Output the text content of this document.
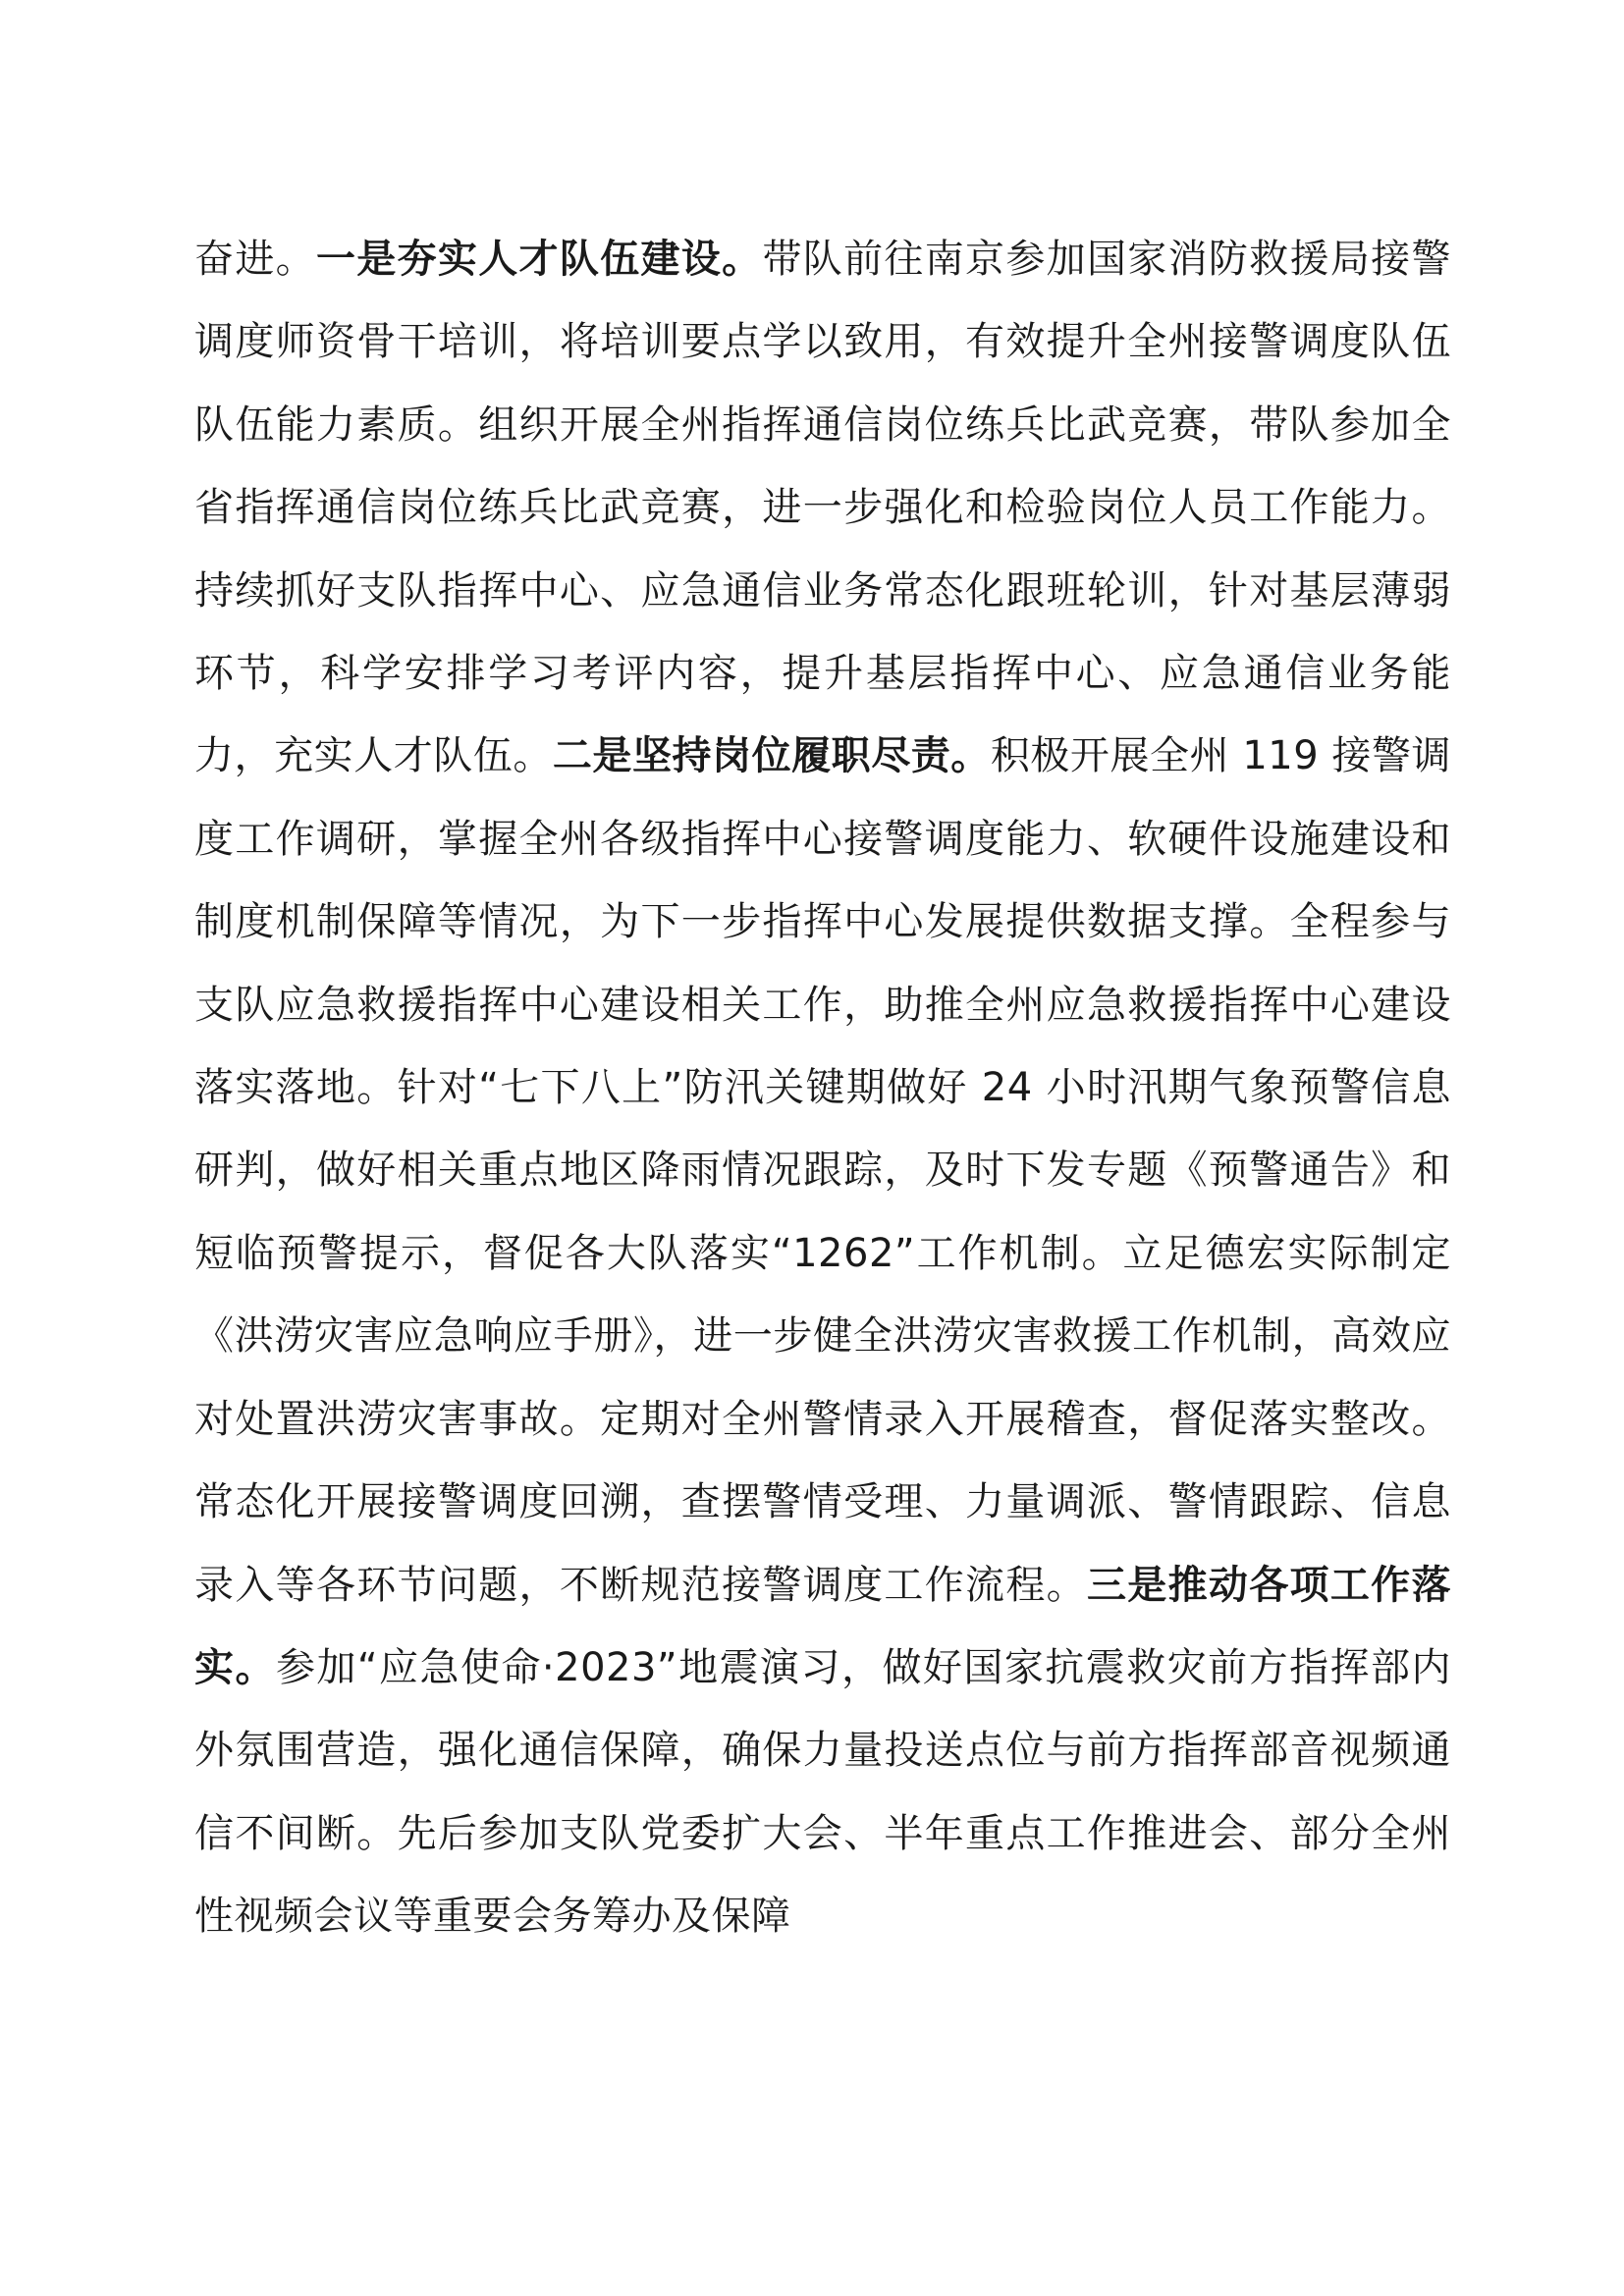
奋进。一是夯实人才队伍建设。带队前往南京参加国家消防救援局接警调度师资骨干培训，将培训要点学以致用，有效提升全州接警调度队伍队伍能力素质。组织开展全州指挥通信岗位练兵比武竞赛，带队参加全省指挥通信岗位练兵比武竞赛，进一步强化和检验岗位人员工作能力。持续抓好支队指挥中心、应急通信业务常态化跟班轮训，针对基层薄弱环节，科学安排学习考评内容，提升基层指挥中心、应急通信业务能力，充实人才队伍。二是坚持岗位履职尽责。积极开展全州 119 接警调度工作调研，掌握全州各级指挥中心接警调度能力、软硬件设施建设和制度机制保障等情况，为下一步指挥中心发展提供数据支撑。全程参与支队应急救援指挥中心建设相关工作，助推全州应急救援指挥中心建设落实落地。针对“七下八上”防汛关键期做好 24 小时汛期气象预警信息研判，做好相关重点地区降雨情况跟踪，及时下发专题《预警通告》和短临预警提示，督促各大队落实“1262”工作机制。立足德宏实际制定《洪涝灾害应急响应手册》，进一步健全洪涝灾害救援工作机制，高效应对处置洪涝灾害事故。定期对全州警情录入开展稽查，督促落实整改。常态化开展接警调度回溯，查摆警情受理、力量调派、警情跟踪、信息录入等各环节问题，不断规范接警调度工作流程。三是推动各项工作落实。参加“应急使命·2023”地震演习，做好国家抗震救灾前方指挥部内外氛围营造，强化通信保障，确保力量投送点位与前方指挥部音视频通信不间断。先后参加支队党委扩大会、半年重点工作推进会、部分全州性视频会议等重要会务筹办及保障
